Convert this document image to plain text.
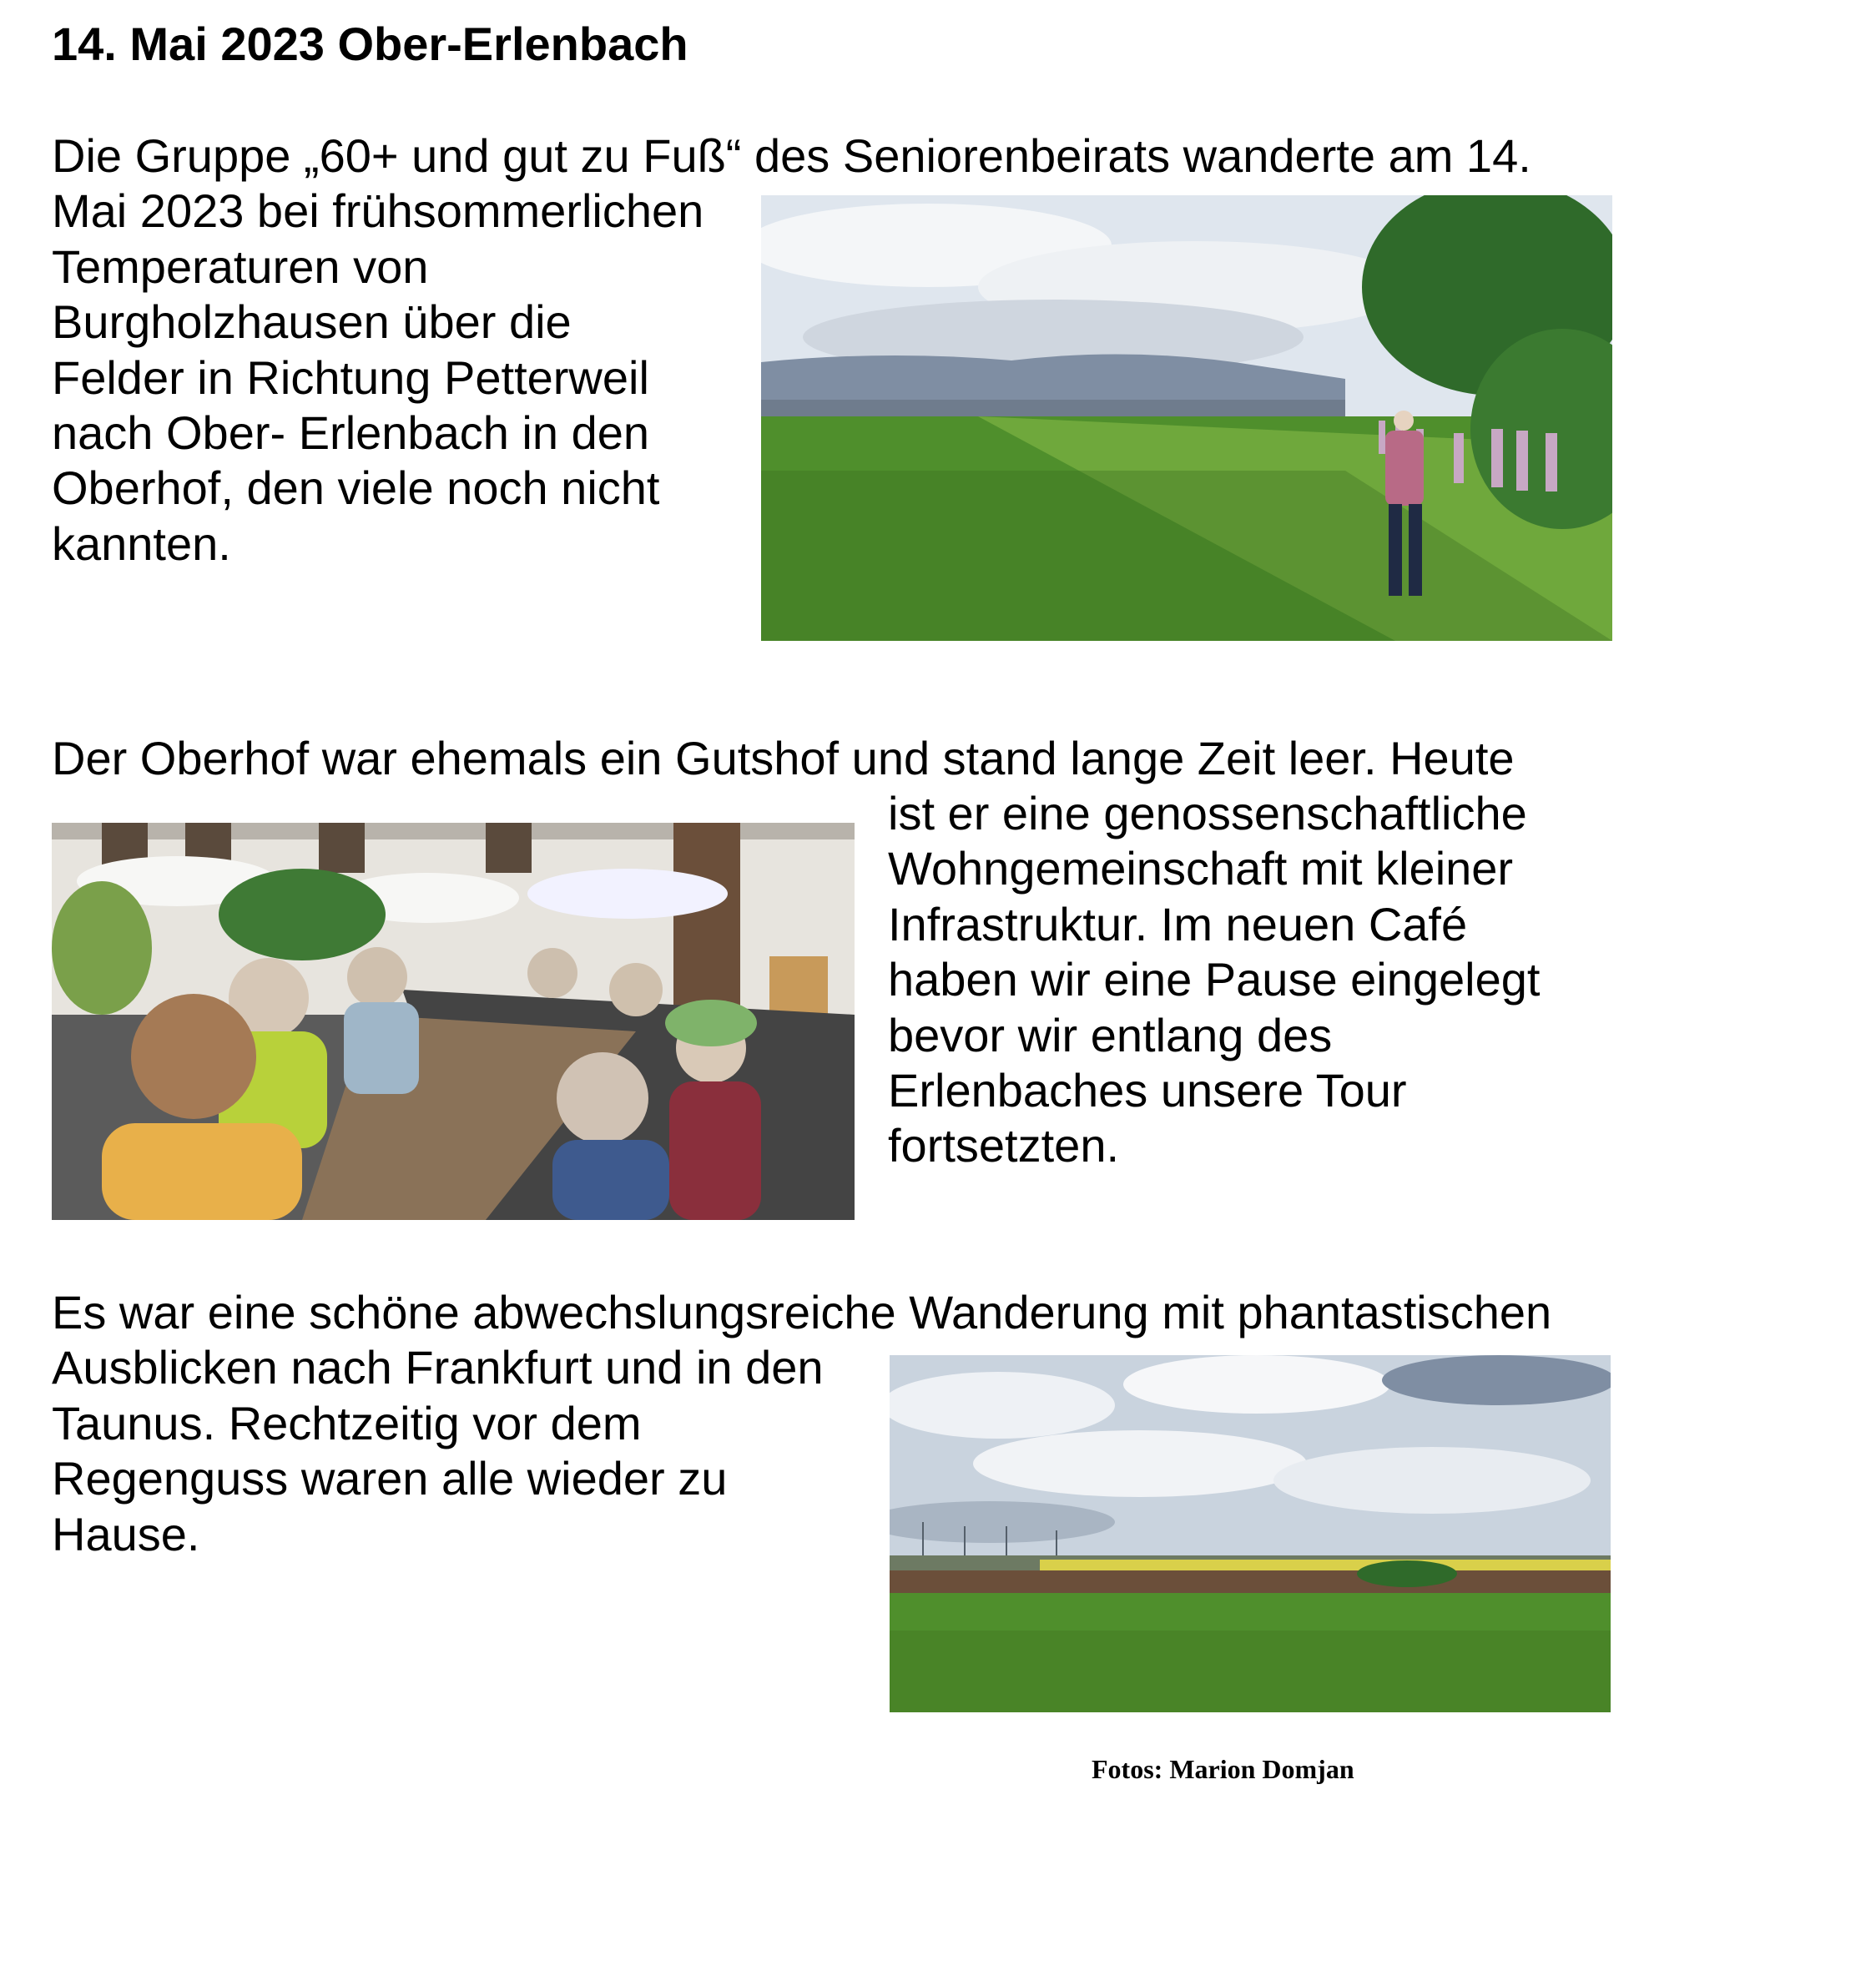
14. Mai 2023 Ober-Erlenbach

Die Gruppe „60+ und gut zu Fuß“ des Seniorenbeirats wanderte am 14.

Mai 2023 bei frühsommerlichen

Temperaturen von

Burgholzhausen über die

Felder in Richtung Petterweil

nach Ober- Erlenbach in den

Oberhof, den viele noch nicht

kannten.

Der Oberhof war ehemals ein Gutshof und stand lange Zeit leer. Heute

ist er eine genossenschaftliche

Wohngemeinschaft mit kleiner

Infrastruktur. Im neuen Café

haben wir eine Pause eingelegt

bevor wir entlang des

Erlenbaches unsere Tour

fortsetzten.

Es war eine schöne abwechslungsreiche Wanderung mit phantastischen

Ausblicken nach Frankfurt und in den

Taunus. Rechtzeitig vor dem

Regenguss waren alle wieder zu

Hause.

Fotos: Marion Domjan
